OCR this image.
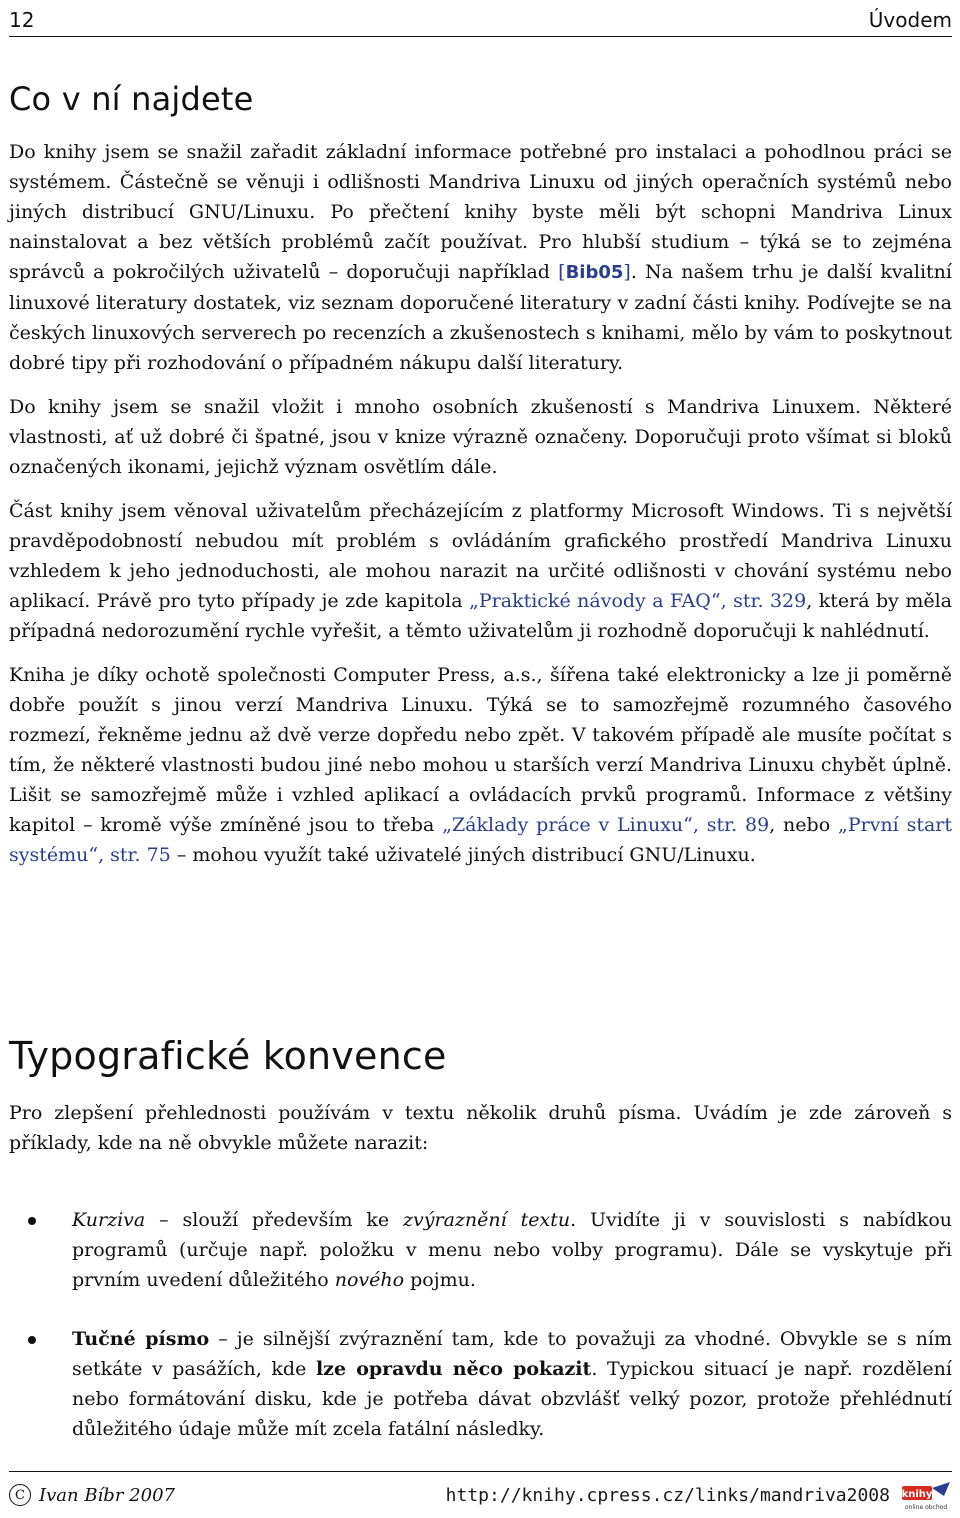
12	Úvodem
Co v ní najdete

Do knihy jsem se snažil zařadit základní informace potřebné pro instalaci a pohodlnou práci se systémem. Částečně se věnuji i odlišnosti Mandriva Linuxu od jiných operačních systémů nebo jiných distribucí GNU/Linuxu. Po přečtení knihy byste měli být schopni Mandriva Linux nainstalovat a bez větších problémů začít používat. Pro hlubší studium – týká se to zejména správců a pokročilých uživatelů – doporučuji například [Bib05]. Na našem trhu je další kvalitní linuxové literatury dostatek, viz seznam doporučené literatury v zadní části knihy. Podívejte se na českých linuxových serverech po recenzích a zkušenostech s knihami, mělo by vám to poskytnout dobré tipy při rozhodování o případném nákupu další literatury.

Do knihy jsem se snažil vložit i mnoho osobních zkušeností s Mandriva Linuxem. Některé vlastnosti, ať už dobré či špatné, jsou v knize výrazně označeny. Doporučuji proto všímat si bloků označených ikonami, jejichž význam osvětlím dále.

Část knihy jsem věnoval uživatelům přecházejícím z platformy Microsoft Windows. Ti s největší pravděpodobností nebudou mít problém s ovládáním grafického prostředí Mandriva Linuxu vzhledem k jeho jednoduchosti, ale mohou narazit na určité odlišnosti v chování systému nebo aplikací. Právě pro tyto případy je zde kapitola „Praktické návody a FAQ“, str. 329, která by měla případná nedorozumění rychle vyřešit, a těmto uživatelům ji rozhodně doporučuji k nahlédnutí.

Kniha je díky ochotě společnosti Computer Press, a.s., šířena také elektronicky a lze ji poměrně dobře použít s jinou verzí Mandriva Linuxu. Týká se to samozřejmě rozumného časového rozmezí, řekněme jednu až dvě verze dopředu nebo zpět. V takovém případě ale musíte počítat s tím, že některé vlastnosti budou jiné nebo mohou u starších verzí Mandriva Linuxu chybět úplně. Lišit se samozřejmě může i vzhled aplikací a ovládacích prvků programů. Informace z většiny kapitol – kromě výše zmíněné jsou to třeba „Základy práce v Linuxu“, str. 89, nebo „První start systému“, str. 75 – mohou využít také uživatelé jiných distribucí GNU/Linuxu.

Typografické konvence

Pro zlepšení přehlednosti používám v textu několik druhů písma. Uvádím je zde zároveň s příklady, kde na ně obvykle můžete narazit:

Kurziva – slouží především ke zvýraznění textu. Uvidíte ji v souvislosti s nabídkou programů (určuje např. položku v menu nebo volby programu). Dále se vyskytuje při prvním uvedení důležitého nového pojmu.
Tučné písmo – je silnější zvýraznění tam, kde to považuji za vhodné. Obvykle se s ním setkáte v pasážích, kde lze opravdu něco pokazit. Typickou situací je např. rozdělení nebo formátování disku, kde je potřeba dávat obzvlášť velký pozor, protože přehlédnutí důležitého údaje může mít zcela fatální následky.
C Ivan Bíbr 2007	http://knihy.cpress.cz/links/mandriva2008 knihy
online obchod
